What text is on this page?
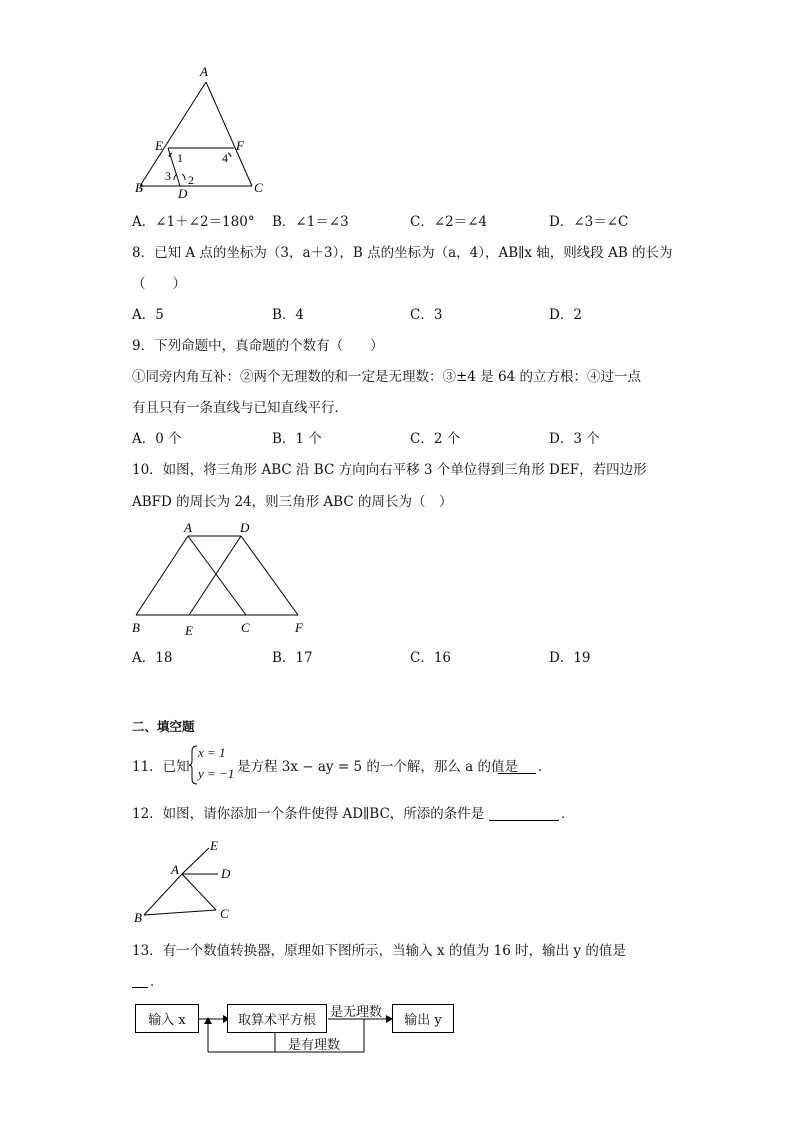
A
E	F
B	D	C
1	4
3 2
A．∠1＋∠2＝180° B．∠1＝∠3	C．∠2＝∠4	D．∠3＝∠C
8．已知 A 点的坐标为（3，a＋3），B 点的坐标为（a，4），AB∥x 轴，则线段 AB 的长为
（　　）
A．5	B．4	C．3	D．2
9．下列命题中，真命题的个数有（　　）
①同旁内角互补：②两个无理数的和一定是无理数：③±4 是 64 的立方根：④过一点
有且只有一条直线与已知直线平行．
A．0 个	B．1 个	C．2 个	D．3 个
10．如图，将三角形 ABC 沿 BC 方向向右平移 3 个单位得到三角形 DEF，若四边形
ABFD 的周长为 24，则三角形 ABC 的周长为（　）
A	D
B	E	C	F
A．18	B．17	C．16	D．19
二、填空题
11．已知
x = 1
y = −1 是方程 3x − ay = 5 的一个解，那么 a 的值是 ．
12．如图，请你添加一个条件使得 AD∥BC，所添的条件是	．
A
E
D
B	C
13．有一个数值转换器，原理如下图所示，当输入 x 的值为 16 时，输出 y 的值是
．
输入 x	取算术平方根	输出 y
是无理数
是有理数
